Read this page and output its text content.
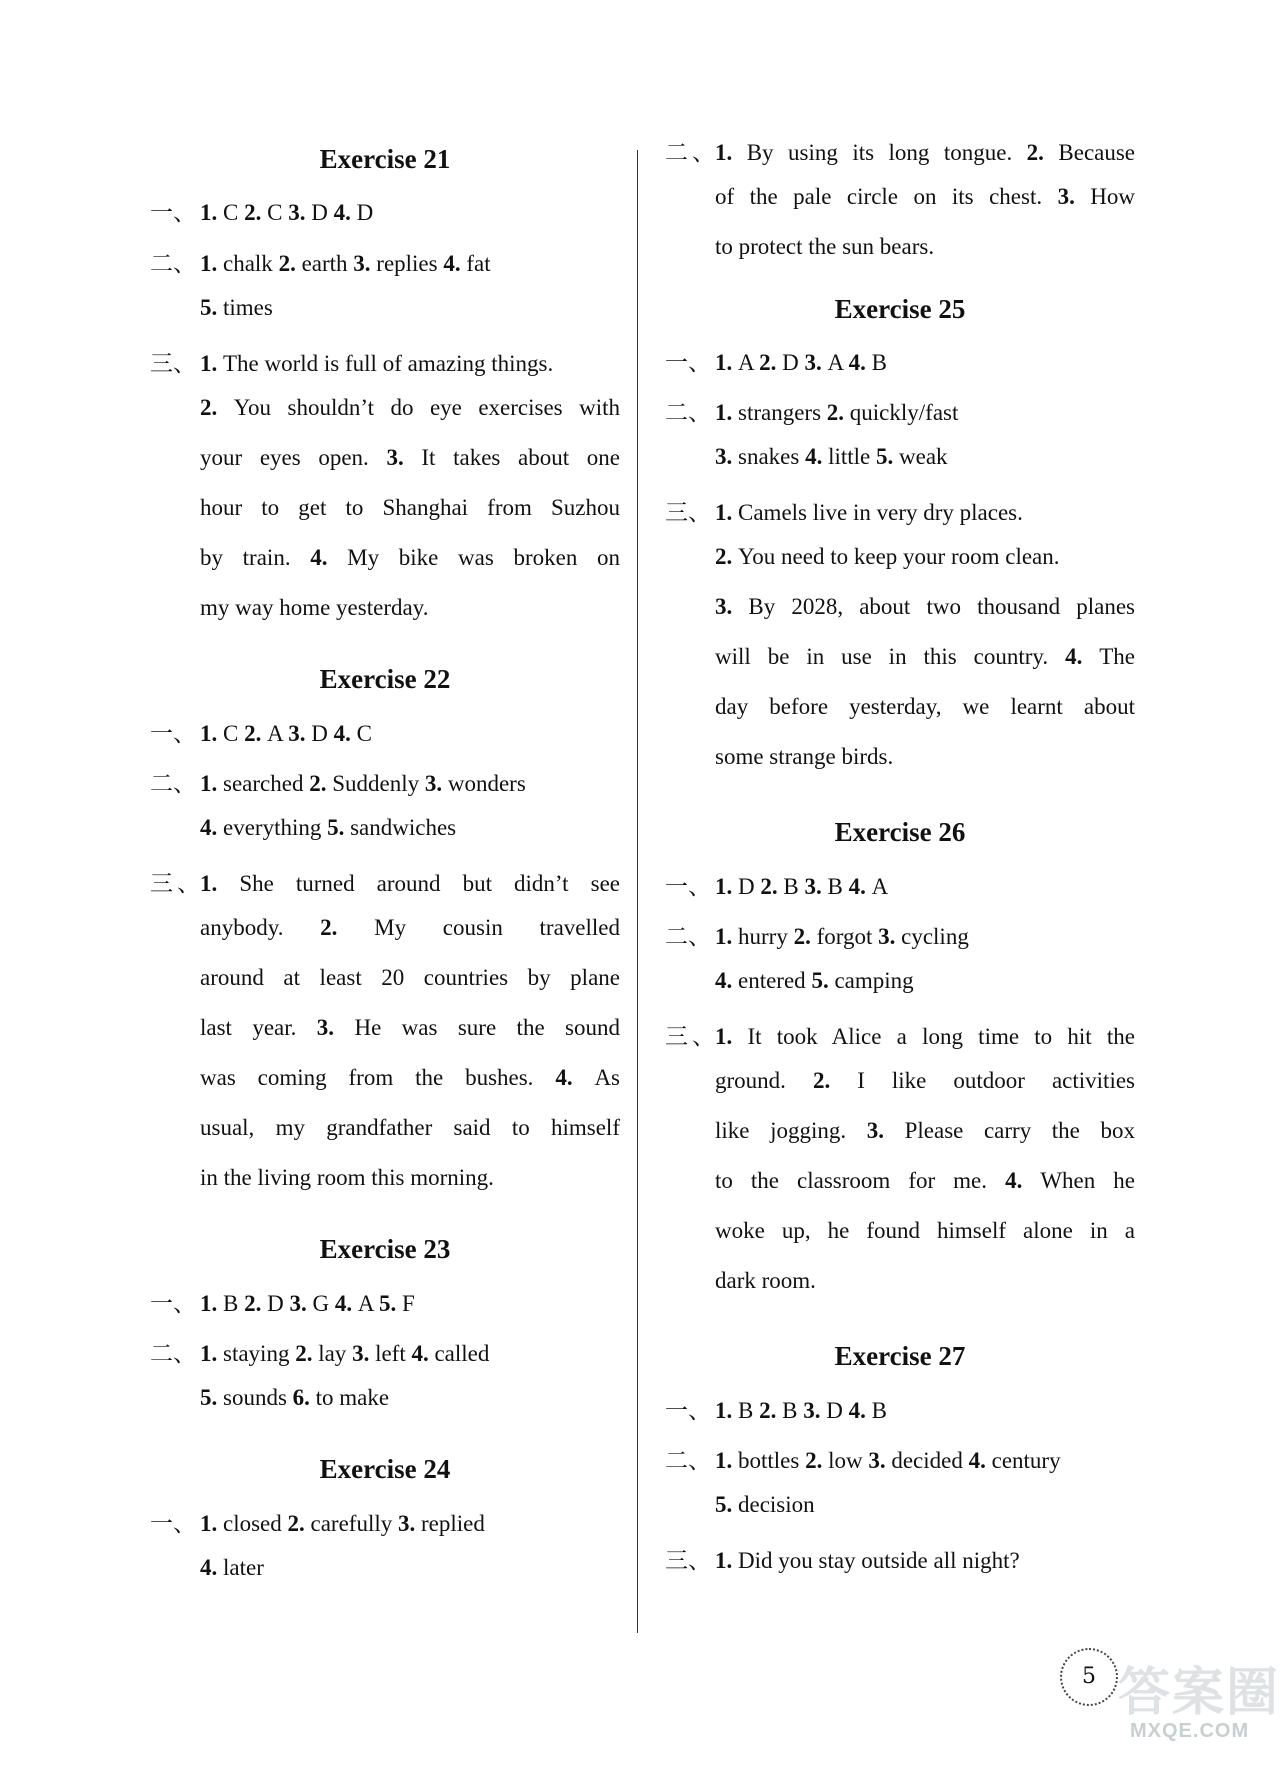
Exercise 21
一、 1. C 2. C 3. D 4. D
二、 1. chalk 2. earth 3. replies 4. fat
5. times
三、 1. The world is full of amazing things.
2. You shouldn’t do eye exercises with
your eyes open. 3. It takes about one
hour to get to Shanghai from Suzhou
by train. 4. My bike was broken on
my way home yesterday.
Exercise 22
一、 1. C 2. A 3. D 4. C
二、 1. searched 2. Suddenly 3. wonders
4. everything 5. sandwiches
三、1. She turned around but didn’t see
anybody. 2. My cousin travelled
around at least 20 countries by plane
last year. 3. He was sure the sound
was coming from the bushes. 4. As
usual, my grandfather said to himself
in the living room this morning.
Exercise 23
一、 1. B 2. D 3. G 4. A 5. F
二、 1. staying 2. lay 3. left 4. called
5. sounds 6. to make
Exercise 24
一、 1. closed 2. carefully 3. replied
4. later
二、1. By using its long tongue. 2. Because
of the pale circle on its chest. 3. How
to protect the sun bears.
Exercise 25
一、 1. A 2. D 3. A 4. B
二、 1. strangers 2. quickly/fast
3. snakes 4. little 5. weak
三、 1. Camels live in very dry places.
2. You need to keep your room clean.
3. By 2028, about two thousand planes
will be in use in this country. 4. The
day before yesterday, we learnt about
some strange birds.
Exercise 26
一、 1. D 2. B 3. B 4. A
二、 1. hurry 2. forgot 3. cycling
4. entered 5. camping
三、1. It took Alice a long time to hit the
ground. 2. I like outdoor activities
like jogging. 3. Please carry the box
to the classroom for me. 4. When he
woke up, he found himself alone in a
dark room.
Exercise 27
一、 1. B 2. B 3. D 4. B
二、 1. bottles 2. low 3. decided 4. century
5. decision
三、 1. Did you stay outside all night?
5 答案圈
MXQE.COM
